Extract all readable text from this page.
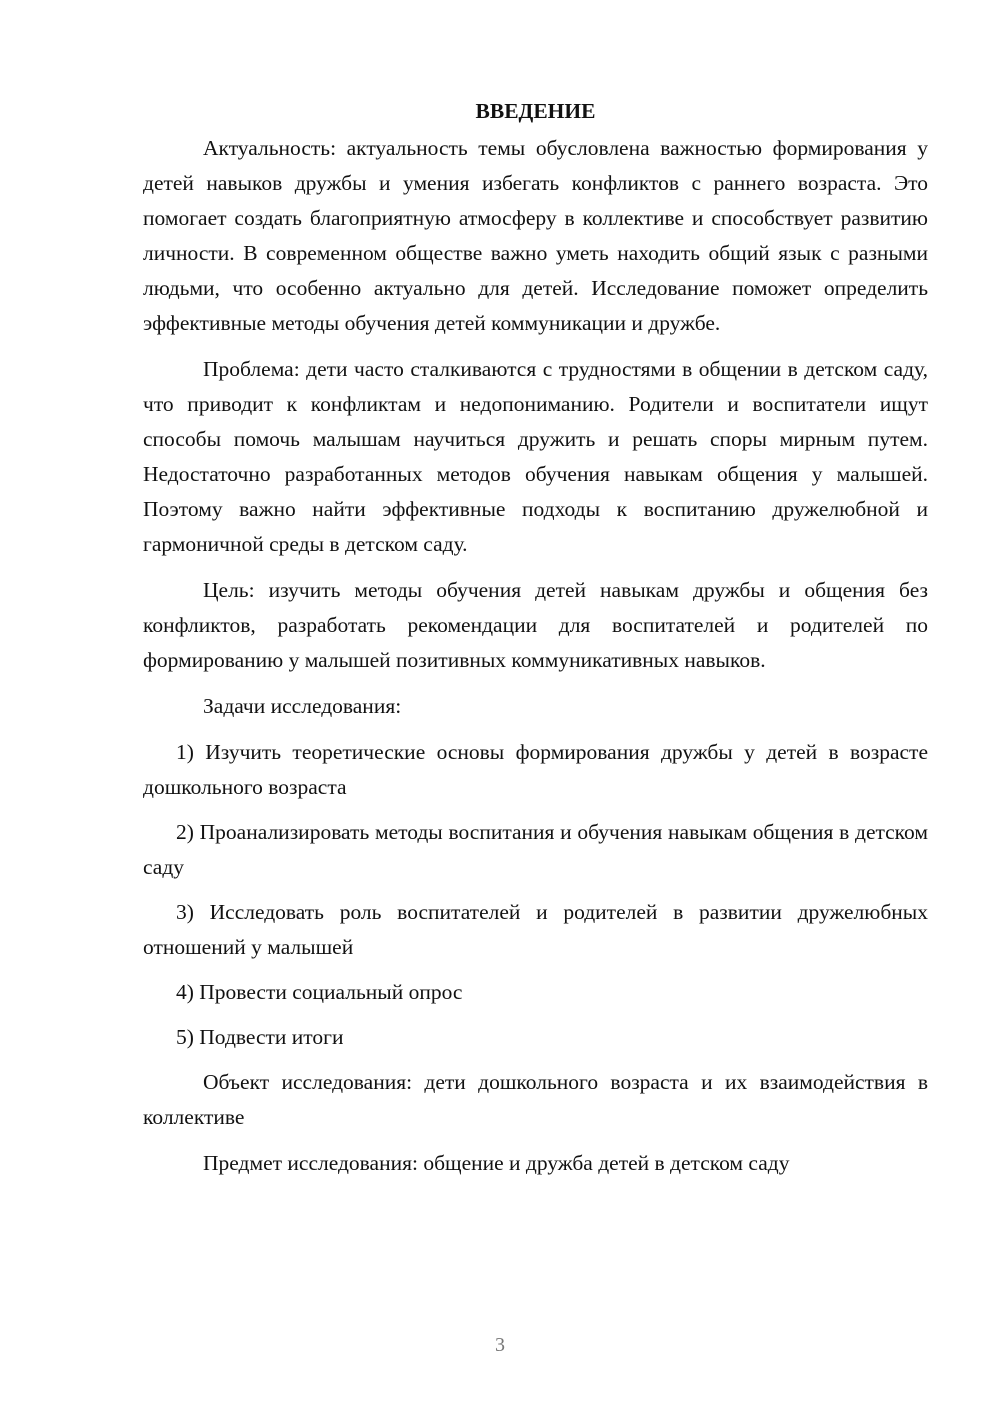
ВВЕДЕНИЕ

Актуальность: актуальность темы обусловлена важностью формирования у детей навыков дружбы и умения избегать конфликтов с раннего возраста. Это помогает создать благоприятную атмосферу в коллективе и способствует развитию личности. В современном обществе важно уметь находить общий язык с разными людьми, что особенно актуально для детей. Исследование поможет определить эффективные методы обучения детей коммуникации и дружбе.

Проблема: дети часто сталкиваются с трудностями в общении в детском саду, что приводит к конфликтам и недопониманию. Родители и воспитатели ищут способы помочь малышам научиться дружить и решать споры мирным путем. Недостаточно разработанных методов обучения навыкам общения у малышей. Поэтому важно найти эффективные подходы к воспитанию дружелюбной и гармоничной среды в детском саду.

Цель: изучить методы обучения детей навыкам дружбы и общения без конфликтов, разработать рекомендации для воспитателей и родителей по формированию у малышей позитивных коммуникативных навыков.

Задачи исследования:

1) Изучить теоретические основы формирования дружбы у детей в возрасте дошкольного возраста

2) Проанализировать методы воспитания и обучения навыкам общения в детском саду

3) Исследовать роль воспитателей и родителей в развитии дружелюбных отношений у малышей

4) Провести социальный опрос

5) Подвести итоги

Объект исследования: дети дошкольного возраста и их взаимодействия в коллективе

Предмет исследования: общение и дружба детей в детском саду

3
